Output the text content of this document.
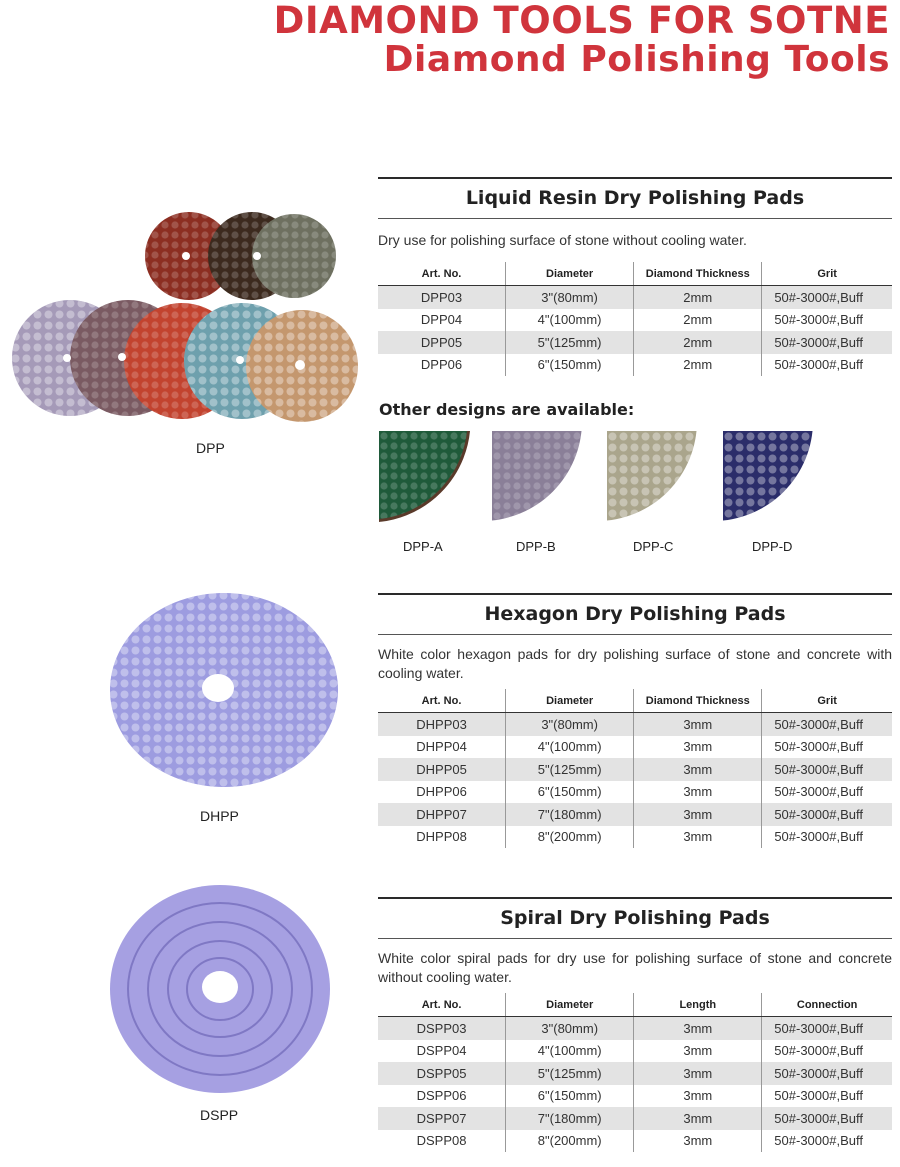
DIAMOND TOOLS FOR SOTNE
Diamond Polishing Tools
DPP
DHPP
DSPP
Liquid Resin Dry Polishing Pads
Dry use for polishing surface of stone without cooling water.
Art. No.	Diameter	Diamond Thickness	Grit
DPP03	3"(80mm)	2mm	50#-3000#,Buff
DPP04	4"(100mm)	2mm	50#-3000#,Buff
DPP05	5"(125mm)	2mm	50#-3000#,Buff
DPP06	6"(150mm)	2mm	50#-3000#,Buff
Other designs are available:
DPP-A	DPP-B	DPP-C	DPP-D
Hexagon Dry Polishing Pads
White color hexagon pads for dry polishing surface of stone and concrete with cooling water.
Art. No.	Diameter	Diamond Thickness	Grit
DHPP03	3"(80mm)	3mm	50#-3000#,Buff
DHPP04	4"(100mm)	3mm	50#-3000#,Buff
DHPP05	5"(125mm)	3mm	50#-3000#,Buff
DHPP06	6"(150mm)	3mm	50#-3000#,Buff
DHPP07	7"(180mm)	3mm	50#-3000#,Buff
DHPP08	8"(200mm)	3mm	50#-3000#,Buff
Spiral Dry Polishing Pads
White color spiral pads for dry use for polishing surface of stone and concrete without cooling water.
Art. No.	Diameter	Length	Connection
DSPP03	3"(80mm)	3mm	50#-3000#,Buff
DSPP04	4"(100mm)	3mm	50#-3000#,Buff
DSPP05	5"(125mm)	3mm	50#-3000#,Buff
DSPP06	6"(150mm)	3mm	50#-3000#,Buff
DSPP07	7"(180mm)	3mm	50#-3000#,Buff
DSPP08	8"(200mm)	3mm	50#-3000#,Buff
